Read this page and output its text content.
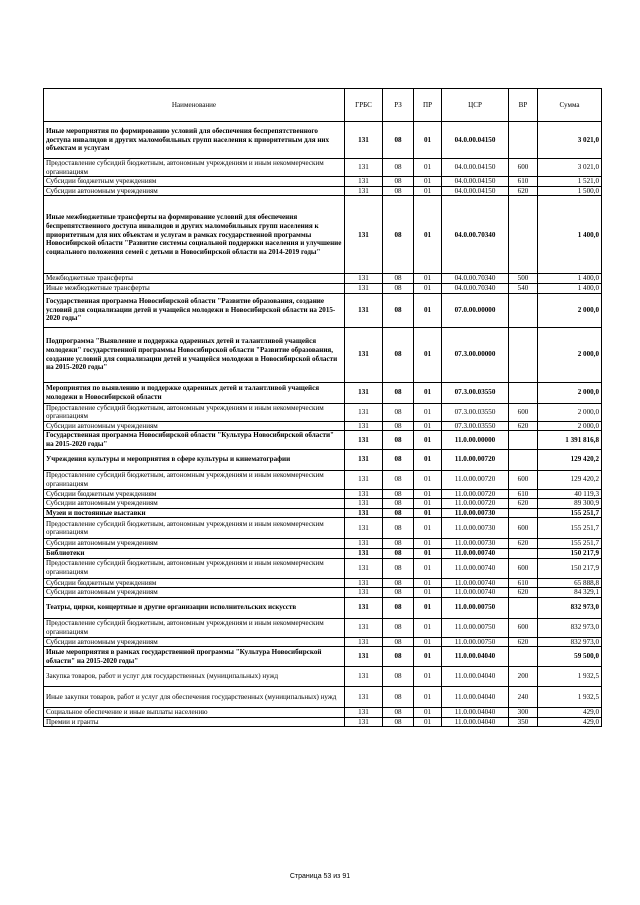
Наименование	ГРБС	РЗ	ПР	ЦСР	ВР	Сумма
Иные мероприятия по формированию условий для обеспечения беспрепятственного доступа инвалидов и других маломобильных групп населения к приоритетным для них объектам и услугам	131	08	01	04.0.00.04150		3 021,0
Предоставление субсидий бюджетным, автономным учреждениям и иным некоммерческим организациям	131	08	01	04.0.00.04150	600	3 021,0
Субсидии бюджетным учреждениям	131	08	01	04.0.00.04150	610	1 521,0
Субсидии автономным учреждениям	131	08	01	04.0.00.04150	620	1 500,0
Иные межбюджетные трансферты на формирование условий для обеспечения беспрепятственного доступа инвалидов и других маломобильных групп населения к приоритетным для них объектам и услугам в рамках государственной программы Новосибирской области "Развитие системы социальной поддержки населения и улучшение социального положения семей с детьми в Новосибирской области на 2014-2019 годы"	131	08	01	04.0.00.70340		1 400,0
Межбюджетные трансферты	131	08	01	04.0.00.70340	500	1 400,0
Иные межбюджетные трансферты	131	08	01	04.0.00.70340	540	1 400,0
Государственная программа Новосибирской области "Развитие образования, создание условий для социализации детей и учащейся молодежи в Новосибирской области на 2015-2020 годы"	131	08	01	07.0.00.00000		2 000,0
Подпрограмма "Выявление и поддержка одаренных детей и талантливой учащейся молодежи" государственной программы Новосибирской области "Развитие образования, создание условий для социализации детей и учащейся молодежи в Новосибирской области на 2015-2020 годы"	131	08	01	07.3.00.00000		2 000,0
Мероприятия по выявлению и поддержке одаренных детей и талантливой учащейся молодежи в Новосибирской области	131	08	01	07.3.00.03550		2 000,0
Предоставление субсидий бюджетным, автономным учреждениям и иным некоммерческим организациям	131	08	01	07.3.00.03550	600	2 000,0
Субсидии автономным учреждениям	131	08	01	07.3.00.03550	620	2 000,0
Государственная программа Новосибирской области "Культура Новосибирской области" на 2015-2020 годы"	131	08	01	11.0.00.00000		1 391 816,8
Учреждения культуры и мероприятия в сфере культуры и кинематографии	131	08	01	11.0.00.00720		129 420,2
Предоставление субсидий бюджетным, автономным учреждениям и иным некоммерческим организациям	131	08	01	11.0.00.00720	600	129 420,2
Субсидии бюджетным учреждениям	131	08	01	11.0.00.00720	610	40 119,3
Субсидии автономным учреждениям	131	08	01	11.0.00.00720	620	89 300,9
Музеи и постоянные выставки	131	08	01	11.0.00.00730		155 251,7
Предоставление субсидий бюджетным, автономным учреждениям и иным некоммерческим организациям	131	08	01	11.0.00.00730	600	155 251,7
Субсидии автономным учреждениям	131	08	01	11.0.00.00730	620	155 251,7
Библиотеки	131	08	01	11.0.00.00740		150 217,9
Предоставление субсидий бюджетным, автономным учреждениям и иным некоммерческим организациям	131	08	01	11.0.00.00740	600	150 217,9
Субсидии бюджетным учреждениям	131	08	01	11.0.00.00740	610	65 888,8
Субсидии автономным учреждениям	131	08	01	11.0.00.00740	620	84 329,1
Театры, цирки, концертные и другие организации исполнительских искусств	131	08	01	11.0.00.00750		832 973,0
Предоставление субсидий бюджетным, автономным учреждениям и иным некоммерческим организациям	131	08	01	11.0.00.00750	600	832 973,0
Субсидии автономным учреждениям	131	08	01	11.0.00.00750	620	832 973,0
Иные мероприятия в рамках государственной программы "Культура Новосибирской области" на 2015-2020 годы"	131	08	01	11.0.00.04040		59 500,0
Закупка товаров, работ и услуг для государственных (муниципальных) нужд	131	08	01	11.0.00.04040	200	1 932,5
Иные закупки товаров, работ и услуг для обеспечения государственных (муниципальных) нужд	131	08	01	11.0.00.04040	240	1 932,5
Социальное обеспечение и иные выплаты населению	131	08	01	11.0.00.04040	300	429,0
Премии и гранты	131	08	01	11.0.00.04040	350	429,0
Страница 53 из 91
